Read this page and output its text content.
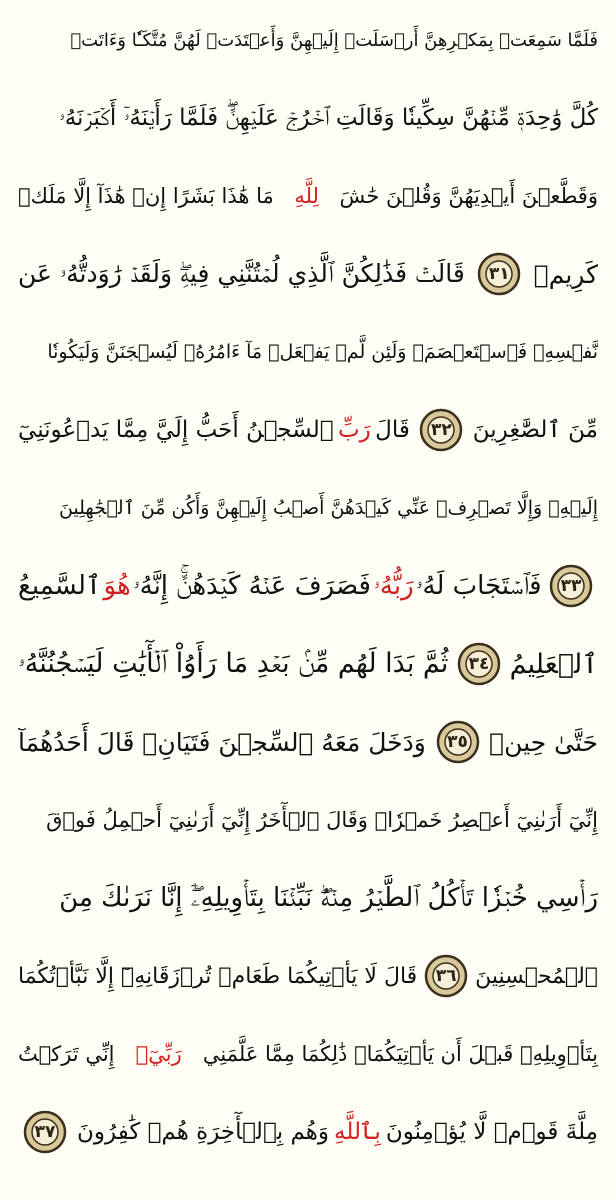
فَلَمَّا سَمِعَتۡ بِمَكۡرِهِنَّ أَرۡسَلَتۡ إِلَيۡهِنَّ وَأَعۡتَدَتۡ لَهُنَّ مُتَّكَـٔٗا وَءَاتَتۡ
كُلَّ وَٰحِدَةٖ مِّنۡهُنَّ سِكِّينٗا وَقَالَتِ ٱخۡرُجۡ عَلَيۡهِنَّۖ فَلَمَّا رَأَيۡنَهُۥٓ أَكۡبَرۡنَهُۥ
وَقَطَّعۡنَ أَيۡدِيَهُنَّ وَقُلۡنَ حَٰشَ
لِلَّهِ
مَا هَٰذَا بَشَرًا إِنۡ هَٰذَآ إِلَّا مَلَكٞ
كَرِيمٞ
٣١
قَالَتۡ فَذَٰلِكُنَّ ٱلَّذِي لُمۡتُنَّنِي فِيهِۖ وَلَقَدۡ رَٰوَدتُّهُۥ عَن
نَّفۡسِهِۦ فَٱسۡتَعۡصَمَۖ وَلَئِن لَّمۡ يَفۡعَلۡ مَآ ءَامُرُهُۥ لَيُسۡجَنَنَّ وَلَيَكُونٗا
مِّنَ ٱلصَّٰغِرِينَ
٣٢
قَالَ
رَبِّ
ٱلسِّجۡنُ أَحَبُّ إِلَيَّ مِمَّا يَدۡعُونَنِيٓ
إِلَيۡهِۖ وَإِلَّا تَصۡرِفۡ عَنِّي كَيۡدَهُنَّ أَصۡبُ إِلَيۡهِنَّ وَأَكُن مِّنَ ٱلۡجَٰهِلِينَ
٣٣
فَٱسۡتَجَابَ لَهُۥ
رَبُّهُۥ
فَصَرَفَ عَنۡهُ كَيۡدَهُنَّۚ إِنَّهُۥ
هُوَ
ٱلسَّمِيعُ
ٱلۡعَلِيمُ
٣٤
ثُمَّ بَدَا لَهُم مِّنۢ بَعۡدِ مَا رَأَوُاْ ٱلۡأٓيَٰتِ لَيَسۡجُنُنَّهُۥ
حَتَّىٰ حِينٖ
٣٥
وَدَخَلَ مَعَهُ ٱلسِّجۡنَ فَتَيَانِۖ قَالَ أَحَدُهُمَآ
إِنِّيٓ أَرَىٰنِيٓ أَعۡصِرُ خَمۡرٗاۖ وَقَالَ ٱلۡأٓخَرُ إِنِّيٓ أَرَىٰنِيٓ أَحۡمِلُ فَوۡقَ
رَأۡسِي خُبۡزٗا تَأۡكُلُ ٱلطَّيۡرُ مِنۡهُۖ نَبِّئۡنَا بِتَأۡوِيلِهِۦٓۖ إِنَّا نَرَىٰكَ مِنَ
ٱلۡمُحۡسِنِينَ
٣٦
قَالَ لَا يَأۡتِيكُمَا طَعَامٞ تُرۡزَقَانِهِۦٓ إِلَّا نَبَّأۡتُكُمَا
بِتَأۡوِيلِهِۦ قَبۡلَ أَن يَأۡتِيَكُمَاۚ ذَٰلِكُمَا مِمَّا عَلَّمَنِي
رَبِّيٓۚ
إِنِّي تَرَكۡتُ
مِلَّةَ قَوۡمٖ لَّا يُؤۡمِنُونَ
بِٱللَّهِ
وَهُم بِٱلۡأٓخِرَةِ هُمۡ كَٰفِرُونَ
٣٧
